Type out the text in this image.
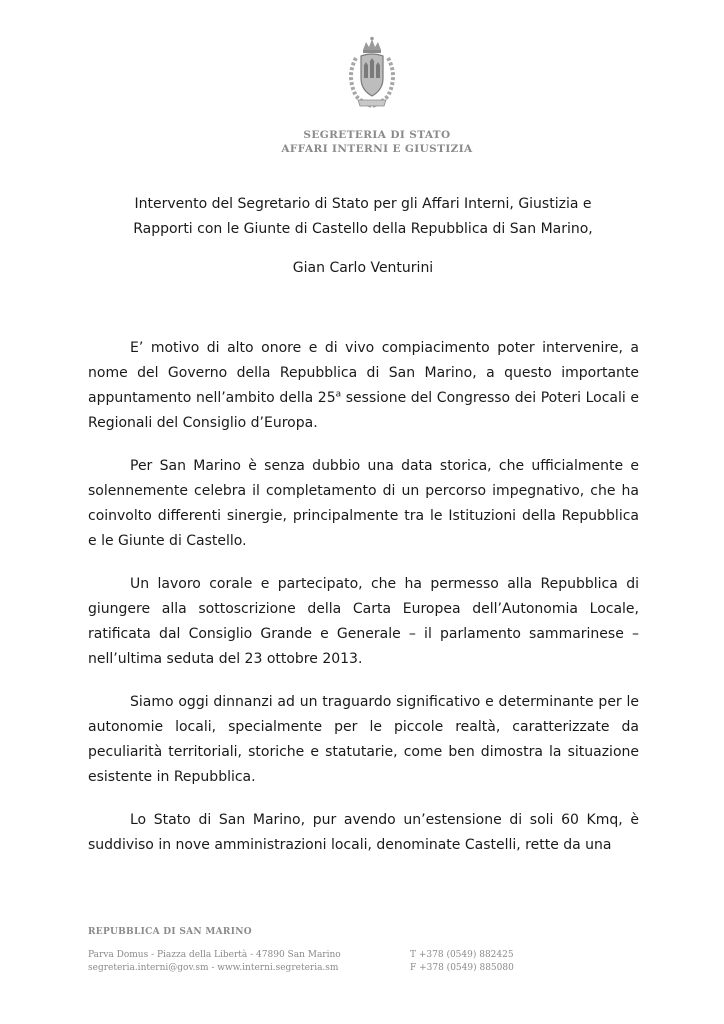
SEGRETERIA DI STATO
AFFARI INTERNI E GIUSTIZIA
Intervento del Segretario di Stato per gli Affari Interni, Giustizia e
Rapporti con le Giunte di Castello della Repubblica di San Marino,
Gian Carlo Venturini

E’ motivo di alto onore e di vivo compiacimento poter intervenire, a nome del Governo della Repubblica di San Marino, a questo importante appuntamento nell’ambito della 25$^a$ sessione del Congresso dei Poteri Locali e Regionali del Consiglio d’Europa.

Per San Marino è senza dubbio una data storica, che ufficialmente e solennemente celebra il completamento di un percorso impegnativo, che ha coinvolto differenti sinergie, principalmente tra le Istituzioni della Repubblica e le Giunte di Castello.

Un lavoro corale e partecipato, che ha permesso alla Repubblica di giungere alla sottoscrizione della Carta Europea dell’Autonomia Locale, ratificata dal Consiglio Grande e Generale – il parlamento sammarinese – nell’ultima seduta del 23 ottobre 2013.

Siamo oggi dinnanzi ad un traguardo significativo e determinante per le autonomie locali, specialmente per le piccole realtà, caratterizzate da peculiarità territoriali, storiche e statutarie, come ben dimostra la situazione esistente in Repubblica.

Lo Stato di San Marino, pur avendo un’estensione di soli 60 Kmq, è suddiviso in nove amministrazioni locali, denominate Castelli, rette da una

REPUBBLICA DI SAN MARINO
Parva Domus - Piazza della Libertà - 47890 San Marino
segreteria.interni@gov.sm - www.interni.segreteria.sm
T +378 (0549) 882425
F +378 (0549) 885080
